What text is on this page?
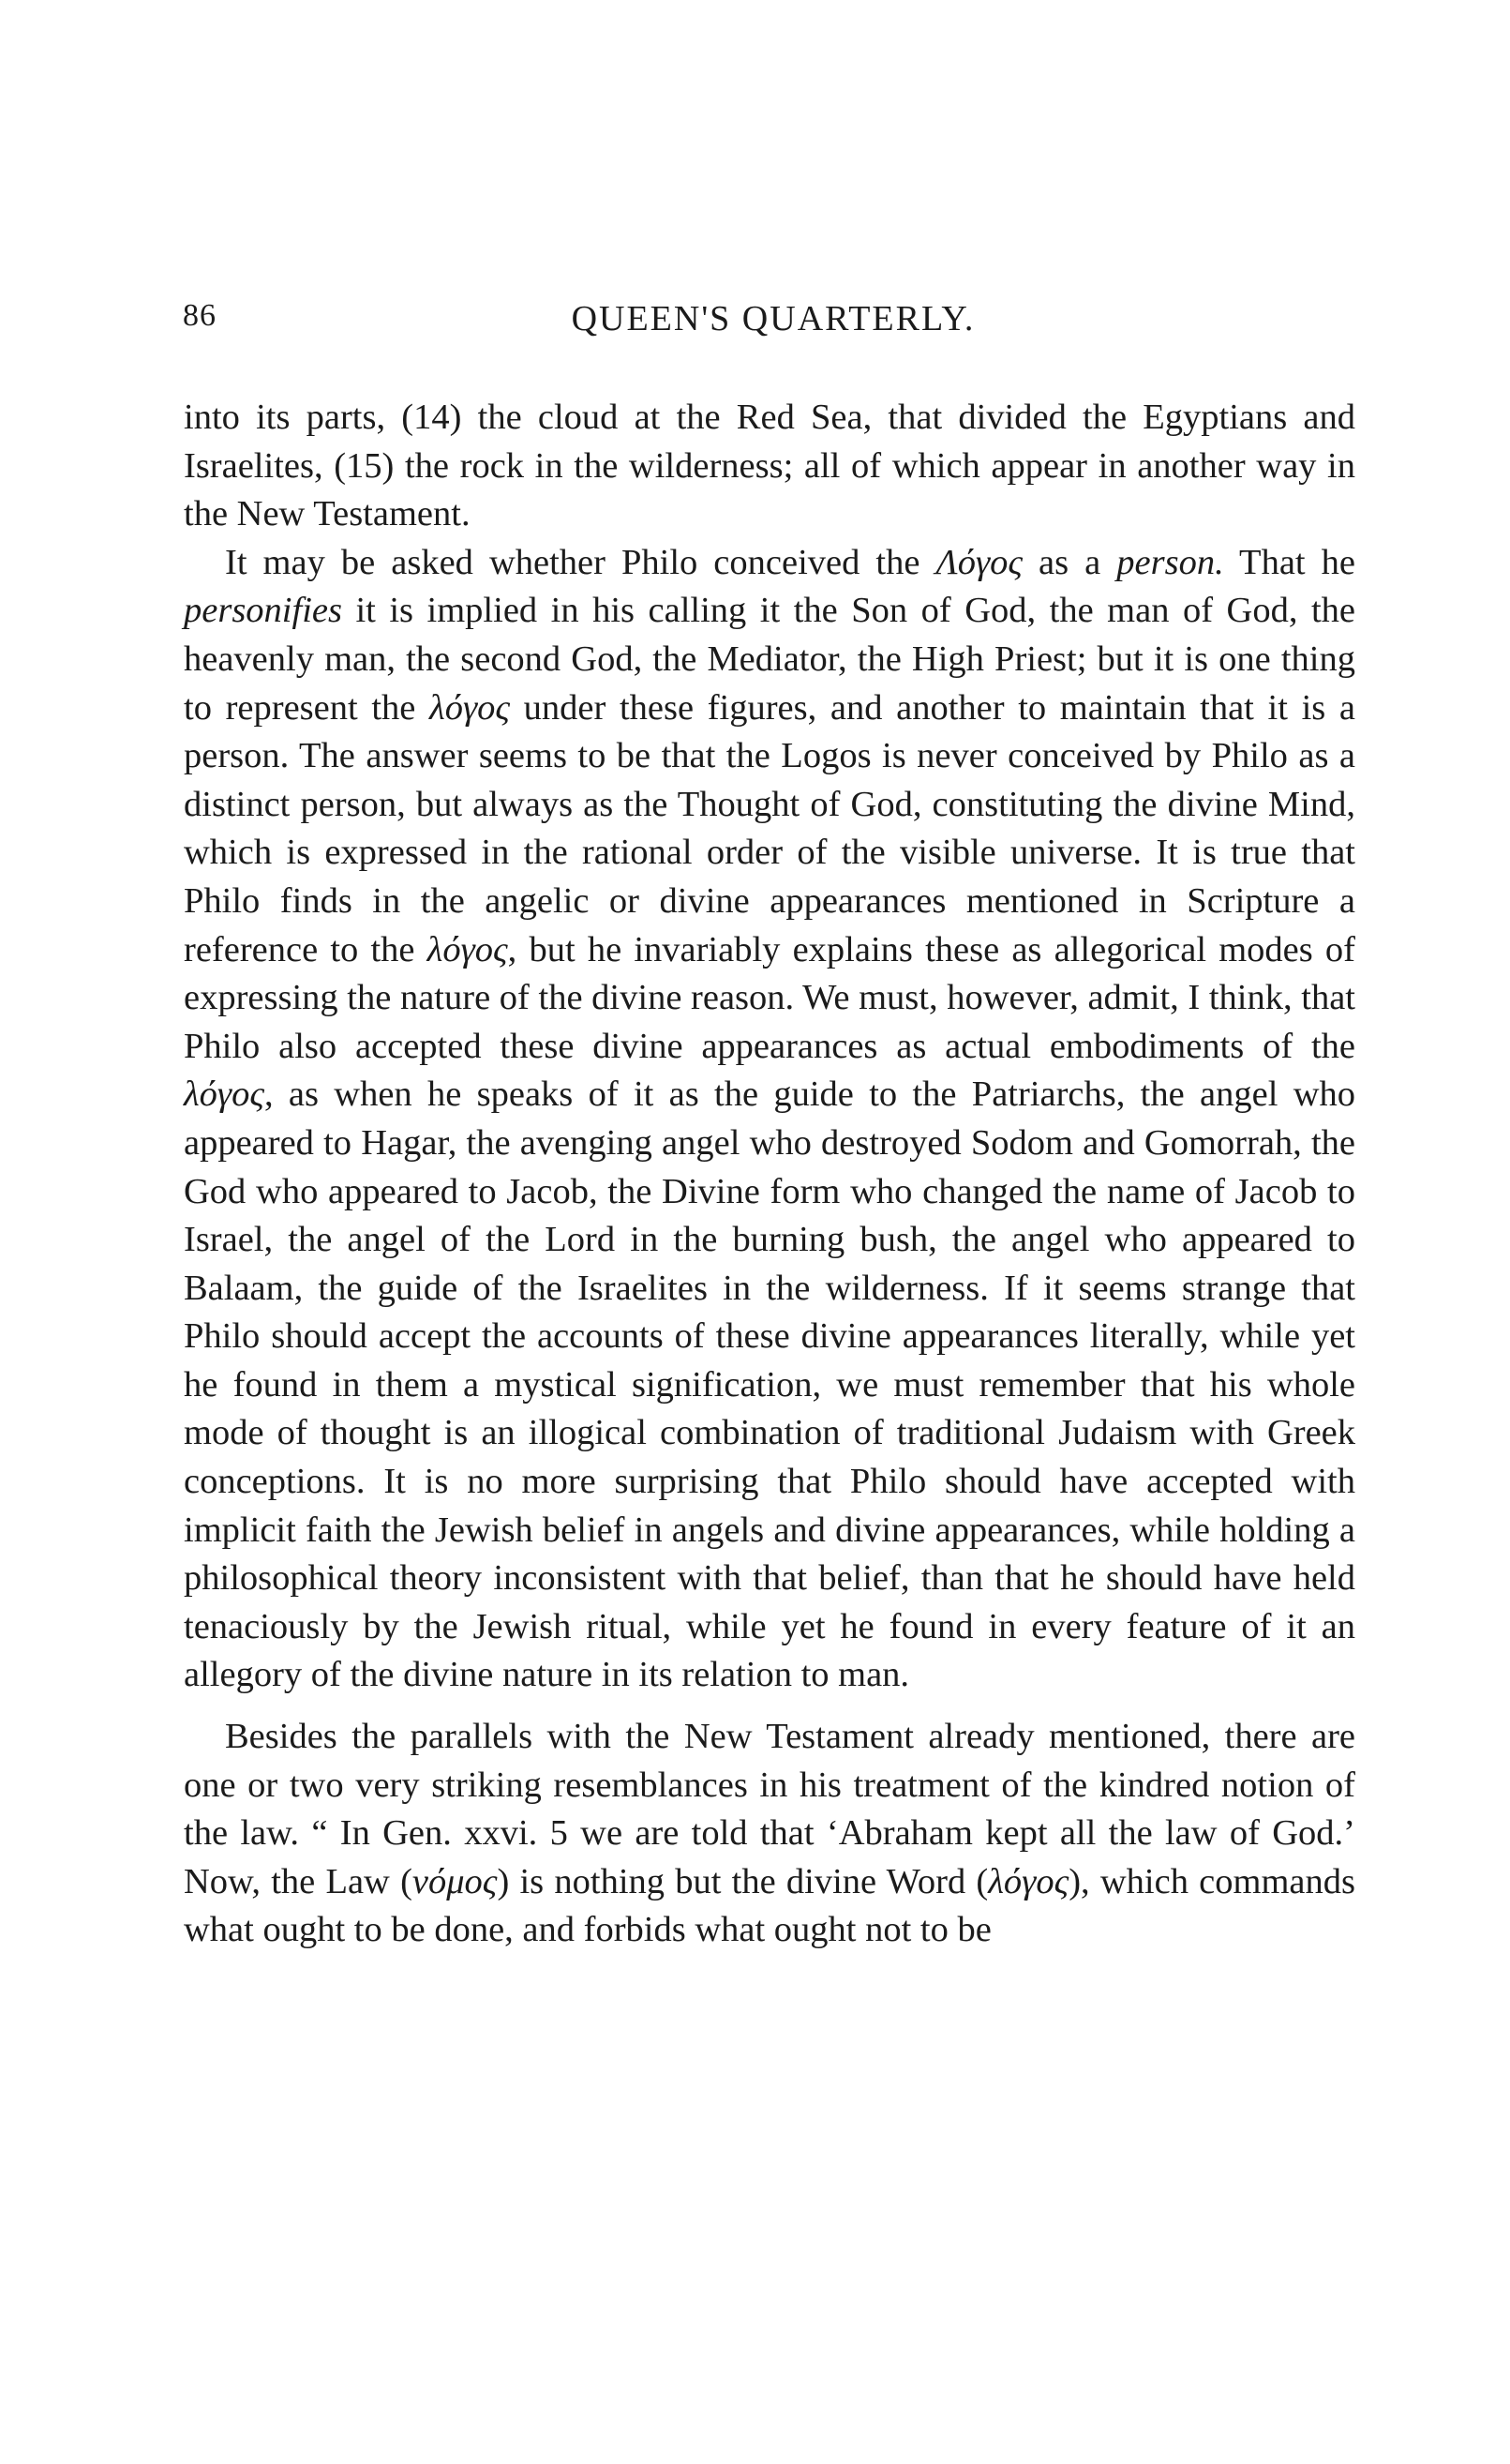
86	QUEEN'S QUARTERLY.

into its parts, (14) the cloud at the Red Sea, that divided the Egyptians and Israelites, (15) the rock in the wilderness; all of which appear in another way in the New Testament.

It may be asked whether Philo conceived the Λόγος as a person. That he personifies it is implied in his calling it the Son of God, the man of God, the heavenly man, the second God, the Mediator, the High Priest; but it is one thing to represent the λόγος under these figures, and another to maintain that it is a person. The answer seems to be that the Logos is never conceived by Philo as a distinct person, but always as the Thought of God, constituting the divine Mind, which is expressed in the rational order of the visible universe. It is true that Philo finds in the angelic or divine appearances mentioned in Scripture a reference to the λόγος, but he invariably explains these as allegorical modes of expressing the nature of the divine reason. We must, however, admit, I think, that Philo also accepted these divine appearances as actual embodiments of the λόγος, as when he speaks of it as the guide to the Patriarchs, the angel who appeared to Hagar, the avenging angel who destroyed Sodom and Gomorrah, the God who appeared to Jacob, the Divine form who changed the name of Jacob to Israel, the angel of the Lord in the burning bush, the angel who appeared to Balaam, the guide of the Israelites in the wilderness. If it seems strange that Philo should accept the accounts of these divine appearances literally, while yet he found in them a mystical signification, we must remember that his whole mode of thought is an illogical combination of traditional Judaism with Greek conceptions. It is no more surprising that Philo should have accepted with implicit faith the Jewish belief in angels and divine appearances, while holding a philosophical theory inconsistent with that belief, than that he should have held tenaciously by the Jewish ritual, while yet he found in every feature of it an allegory of the divine nature in its relation to man.

Besides the parallels with the New Testament already mentioned, there are one or two very striking resemblances in his treatment of the kindred notion of the law. “ In Gen. xxvi. 5 we are told that ‘Abraham kept all the law of God.’ Now, the Law (νόμος) is nothing but the divine Word (λόγος), which commands what ought to be done, and forbids what ought not to be
